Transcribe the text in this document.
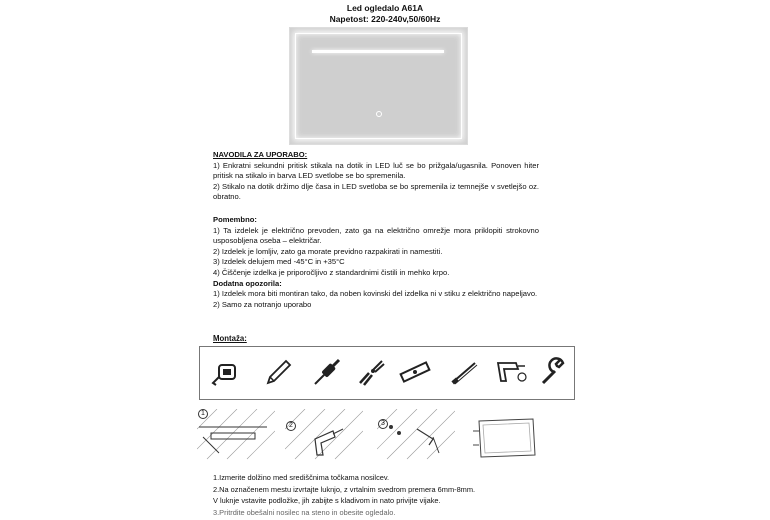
Led ogledalo A61A
Napetost: 220-240v,50/60Hz
NAVODILA ZA UPORABO:
1) Enkratni sekundni pritisk stikala na dotik in LED luč se bo prižgala/ugasnila. Ponoven hiter pritisk na stikalo in barva LED svetlobe se bo spremenila.
2) Stikalo na dotik držimo dlje časa in LED svetloba se bo spremenila iz temnejše v svetlejšo oz. obratno.
Pomembno:
1) Ta izdelek je električno prevoden, zato ga na električno omrežje mora priklopiti strokovno usposobljena oseba – električar.
2) Izdelek je lomljiv, zato ga morate previdno razpakirati in namestiti.
3) Izdelek delujem med -45°C in +35°C
4) Čiščenje izdelka je priporočljivo z standardnimi čistili in mehko krpo.
Dodatna opozorila:
1) Izdelek mora biti montiran tako, da noben kovinski del izdelka ni v stiku z električno napeljavo.
2) Samo za notranjo uporabo
Montaža:
1
2	3
1.Izmerite dolžino med središčnima točkama nosilcev.
2.Na označenem mestu izvrtajte luknjo, z vrtalnim svedrom premera 6mm-8mm.
V luknje vstavite podložke, jih zabijte s kladivom in nato privijte vijake.
3.Pritrdite obešalni nosilec na steno in obesite ogledalo.
